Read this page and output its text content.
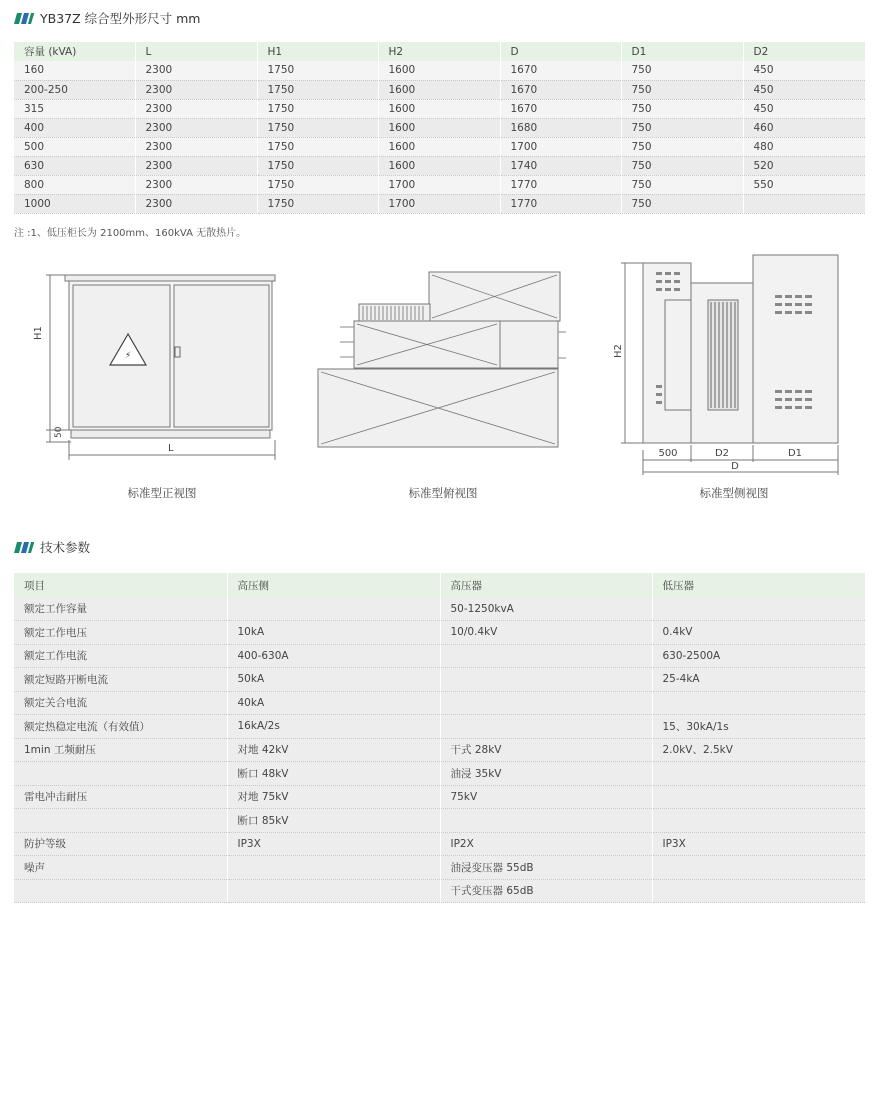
YB37Z 综合型外形尺寸 mm
容量 (kVA)	L	H1	H2	D	D1	D2
160	2300	1750	1600	1670	750	450
200-250	2300	1750	1600	1670	750	450
315	2300	1750	1600	1670	750	450
400	2300	1750	1600	1680	750	460
500	2300	1750	1600	1700	750	480
630	2300	1750	1600	1740	750	520
800	2300	1750	1700	1770	750	550
1000	2300	1750	1700	1770	750	
注 :1、低压柜长为 2100mm、160kVA 无散热片。
⚡
H1
50
L
标准型正视图	标准型俯视图
H2
500	D2	D1
D
标准型侧视图
技术参数
项目	高压侧	高压器	低压器
额定工作容量		50-1250kvA	
额定工作电压	10kA	10/0.4kV	0.4kV
额定工作电流	400-630A		630-2500A
额定短路开断电流	50kA		25-4kA
额定关合电流	40kA		
额定热稳定电流（有效值）	16kA/2s		15、30kA/1s
1min 工频耐压	对地 42kV	干式 28kV	2.0kV、2.5kV
	断口 48kV	油浸 35kV	
雷电冲击耐压	对地 75kV	75kV	
	断口 85kV		
防护等级	IP3X	IP2X	IP3X
噪声		油浸变压器 55dB	
		干式变压器 65dB	
